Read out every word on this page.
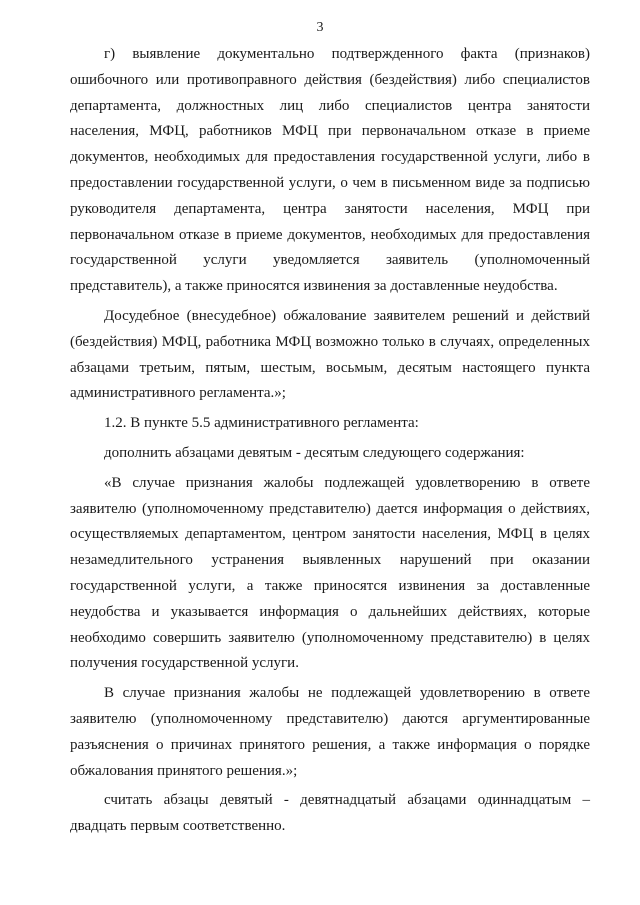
3

г) выявление документально подтвержденного факта (признаков) ошибочного или противоправного действия (бездействия) либо специалистов департамента, должностных лиц либо специалистов центра занятости населения, МФЦ, работников МФЦ при первоначальном отказе в приеме документов, необходимых для предоставления государственной услуги, либо в предоставлении государственной услуги, о чем в письменном виде за подписью руководителя департамента, центра занятости населения, МФЦ при первоначальном отказе в приеме документов, необходимых для предоставления государственной услуги уведомляется заявитель (уполномоченный представитель), а также приносятся извинения за доставленные неудобства.

Досудебное (внесудебное) обжалование заявителем решений и действий (бездействия) МФЦ, работника МФЦ возможно только в случаях, определенных абзацами третьим, пятым, шестым, восьмым, десятым настоящего пункта административного регламента.»;

1.2. В пункте 5.5 административного регламента:

дополнить абзацами девятым - десятым следующего содержания:

«В случае признания жалобы подлежащей удовлетворению в ответе заявителю (уполномоченному представителю) дается информация о действиях, осуществляемых департаментом, центром занятости населения, МФЦ в целях незамедлительного устранения выявленных нарушений при оказании государственной услуги, а также приносятся извинения за доставленные неудобства и указывается информация о дальнейших действиях, которые необходимо совершить заявителю (уполномоченному представителю) в целях получения государственной услуги.

В случае признания жалобы не подлежащей удовлетворению в ответе заявителю (уполномоченному представителю) даются аргументированные разъяснения о причинах принятого решения, а также информация о порядке обжалования принятого решения.»;

считать абзацы девятый - девятнадцатый абзацами одиннадцатым – двадцать первым соответственно.
